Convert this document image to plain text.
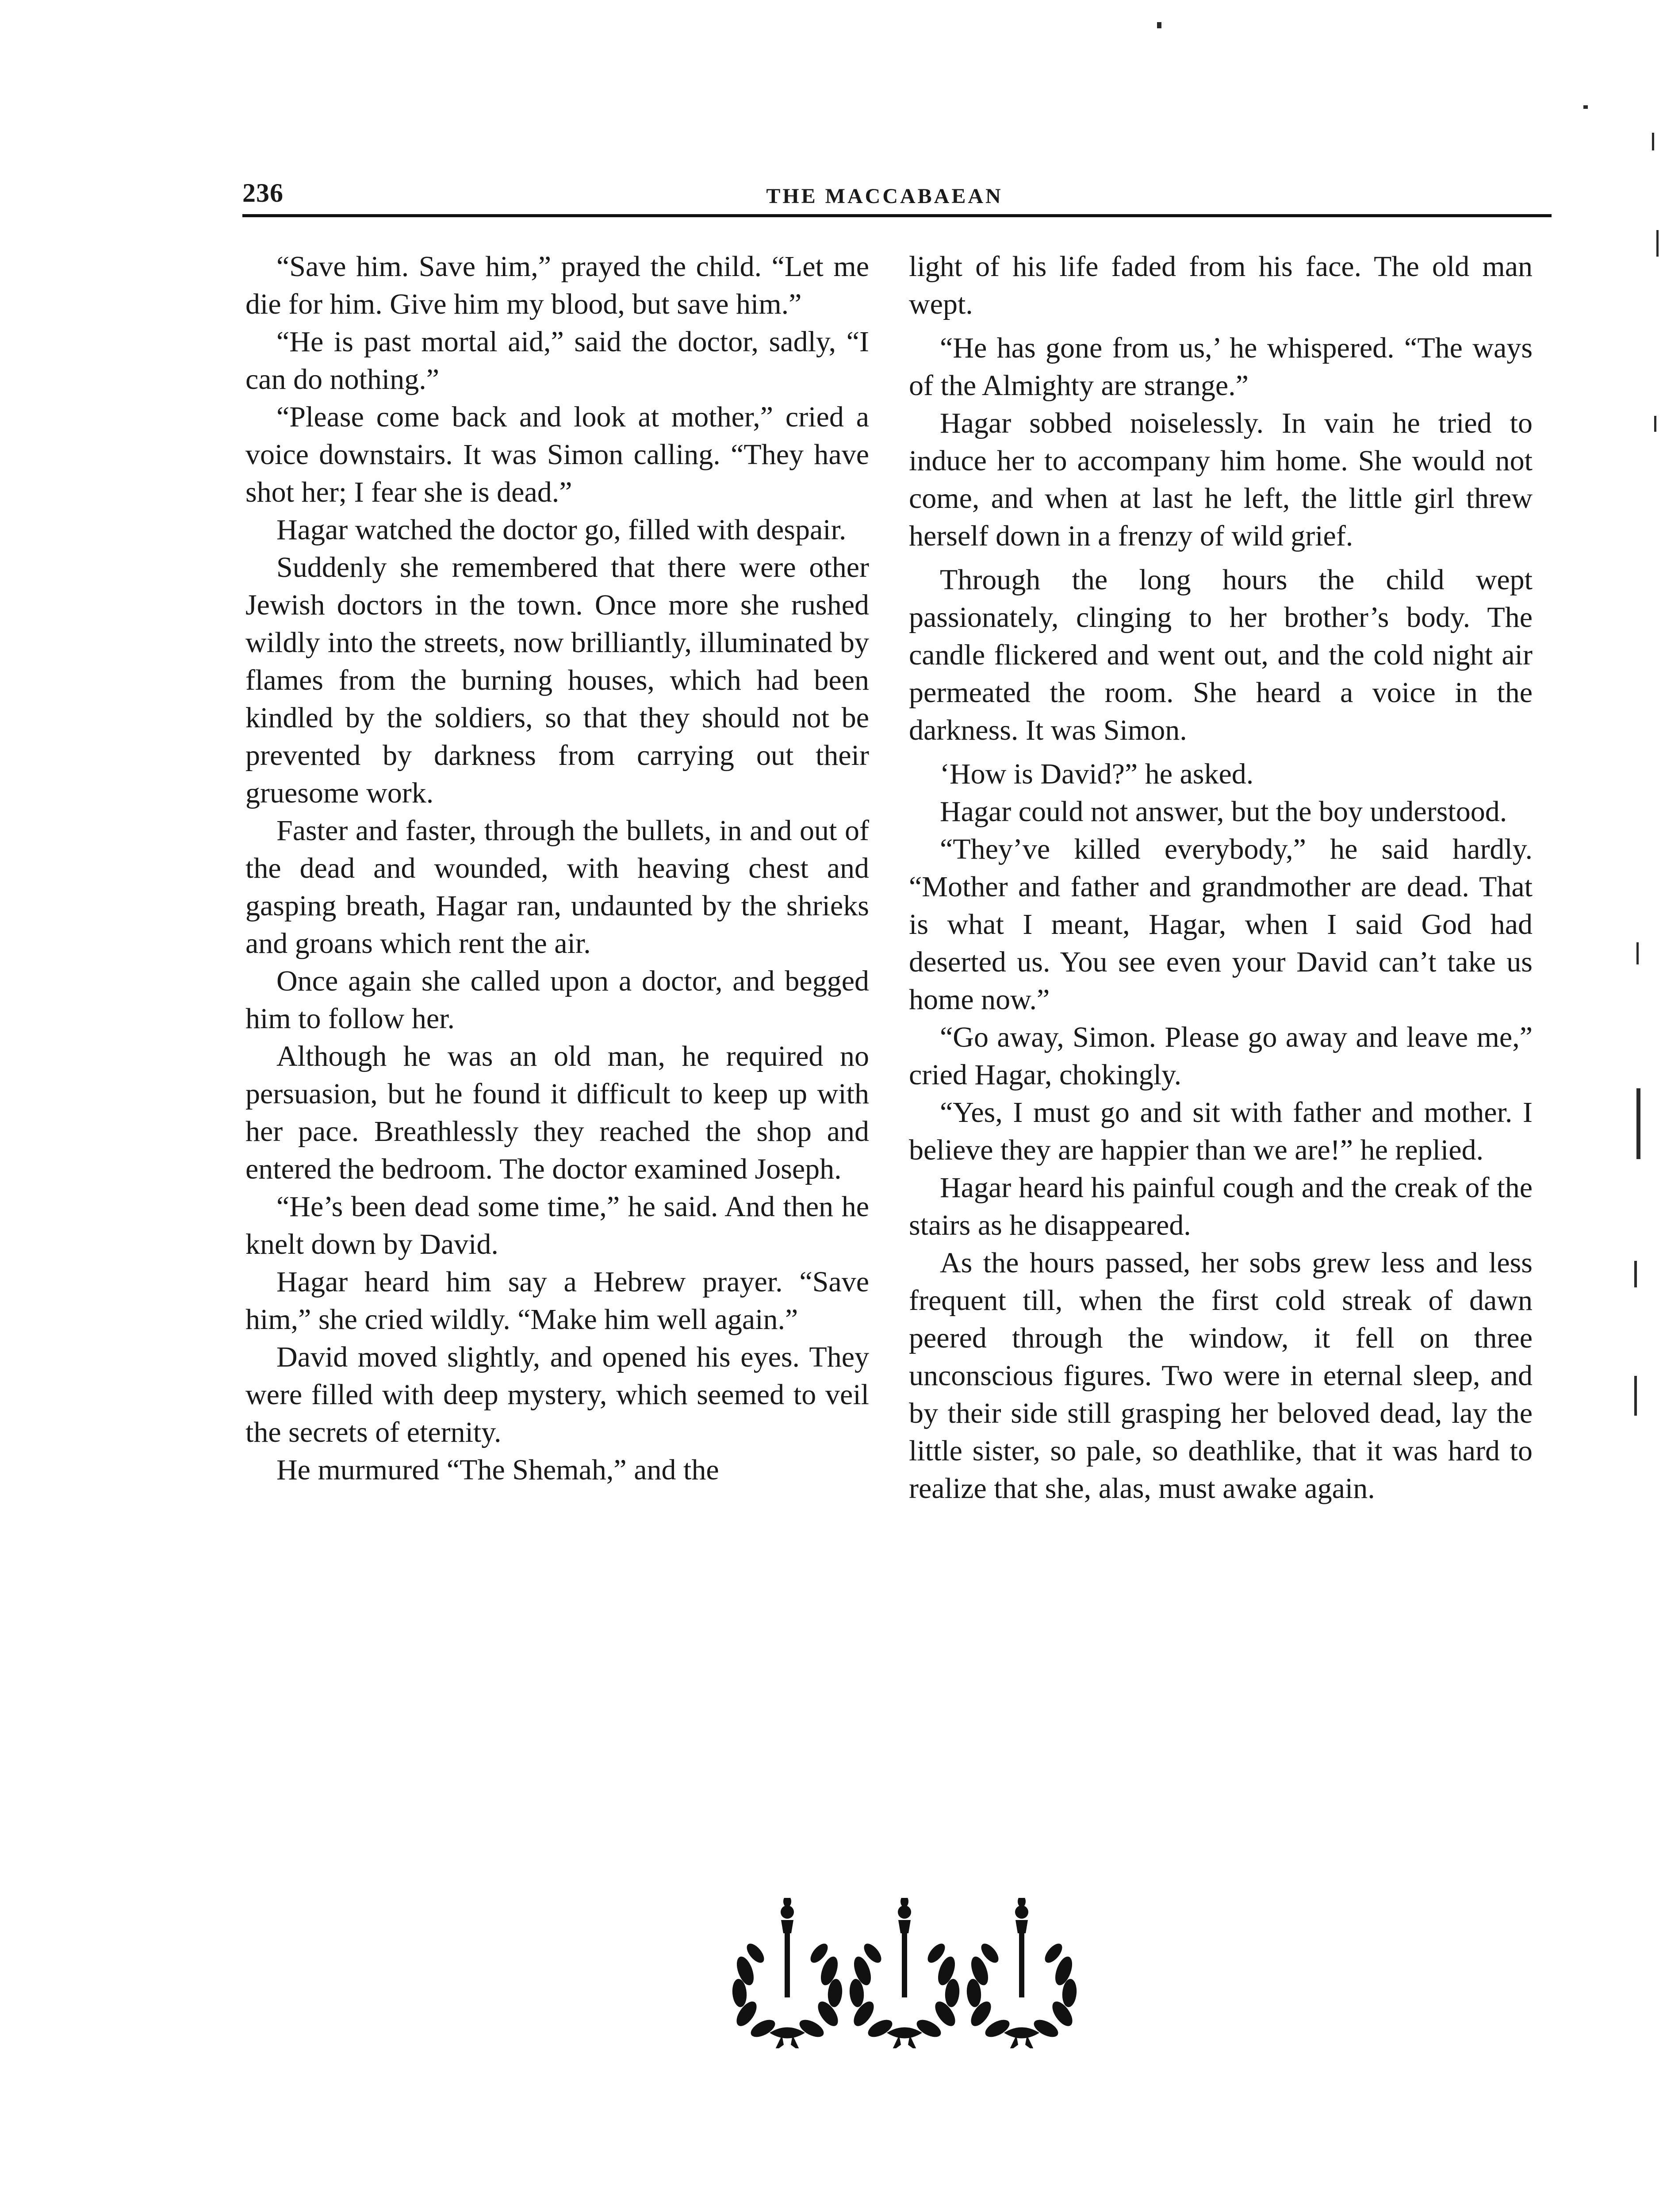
236	THE MACCABAEAN

“Save him. Save him,” prayed the child. “Let me die for him. Give him my blood, but save him.”

“He is past mortal aid,” said the doctor, sadly, “I can do nothing.”

“Please come back and look at mother,” cried a voice downstairs. It was Simon calling. “They have shot her; I fear she is dead.”

Hagar watched the doctor go, filled with despair.

Suddenly she remembered that there were other Jewish doctors in the town. Once more she rushed wildly into the streets, now brilliantly, illuminated by flames from the burning houses, which had been kindled by the soldiers, so that they should not be prevented by darkness from carrying out their gruesome work.

Faster and faster, through the bullets, in and out of the dead and wounded, with heaving chest and gasping breath, Hagar ran, undaunted by the shrieks and groans which rent the air.

Once again she called upon a doctor, and begged him to follow her.

Although he was an old man, he required no persuasion, but he found it difficult to keep up with her pace. Breathlessly they reached the shop and entered the bedroom. The doctor examined Joseph.

“He’s been dead some time,” he said. And then he knelt down by David.

Hagar heard him say a Hebrew prayer. “Save him,” she cried wildly. “Make him well again.”

David moved slightly, and opened his eyes. They were filled with deep mystery, which seemed to veil the secrets of eternity.

He murmured “The Shemah,” and the

light of his life faded from his face. The old man wept.

“He has gone from us,’ he whispered. “The ways of the Almighty are strange.”

Hagar sobbed noiselessly. In vain he tried to induce her to accompany him home. She would not come, and when at last he left, the little girl threw herself down in a frenzy of wild grief.

Through the long hours the child wept passionately, clinging to her brother’s body. The candle flickered and went out, and the cold night air permeated the room. She heard a voice in the darkness. It was Simon.

‘How is David?” he asked.

Hagar could not answer, but the boy understood.

“They’ve killed everybody,” he said hardly. “Mother and father and grandmother are dead. That is what I meant, Hagar, when I said God had deserted us. You see even your David can’t take us home now.”

“Go away, Simon. Please go away and leave me,” cried Hagar, chokingly.

“Yes, I must go and sit with father and mother. I believe they are happier than we are!” he replied.

Hagar heard his painful cough and the creak of the stairs as he disappeared.

As the hours passed, her sobs grew less and less frequent till, when the first cold streak of dawn peered through the window, it fell on three unconscious figures. Two were in eternal sleep, and by their side still grasping her beloved dead, lay the little sister, so pale, so deathlike, that it was hard to realize that she, alas, must awake again.
